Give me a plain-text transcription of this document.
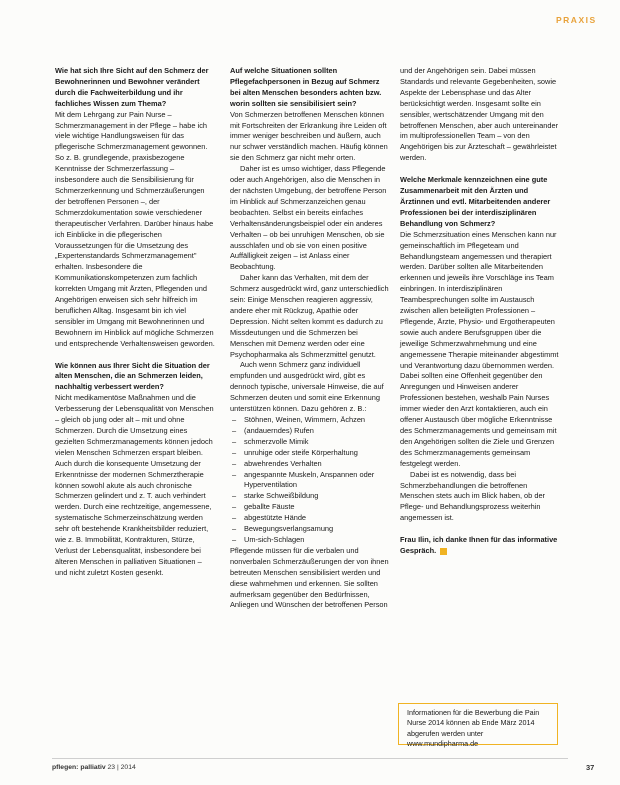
PRAXIS

Wie hat sich Ihre Sicht auf den Schmerz der Bewohnerinnen und Bewohner verändert durch die Fachweiterbildung und ihr fachliches Wissen zum Thema?

Mit dem Lehrgang zur Pain Nurse – Schmerzmanagement in der Pflege – habe ich viele wichtige Handlungsweisen für das pflegerische Schmerzmanagement gewonnen. So z. B. grundlegende, praxisbezogene Kenntnisse der Schmerzerfassung – insbesondere auch die Sensibilisierung für Schmerzerkennung und Schmerzäußerungen der betroffenen Personen –, der Schmerzdokumentation sowie verschiedener therapeutischer Verfahren. Darüber hinaus habe ich Einblicke in die pflegerischen Voraussetzungen für die Umsetzung des „Expertenstandards Schmerzmanagement" erhalten. Insbesondere die Kommunikationskompetenzen zum fachlich korrekten Umgang mit Ärzten, Pflegenden und Angehörigen erweisen sich sehr hilfreich im beruflichen Alltag. Insgesamt bin ich viel sensibler im Umgang mit Bewohnerinnen und Bewohnern im Hinblick auf mögliche Schmerzen und entsprechende Verhaltensweisen geworden.

Wie können aus Ihrer Sicht die Situation der alten Menschen, die an Schmerzen leiden, nachhaltig verbessert werden?

Nicht medikamentöse Maßnahmen und die Verbesserung der Lebensqualität von Menschen – gleich ob jung oder alt – mit und ohne Schmerzen. Durch die Umsetzung eines gezielten Schmerzmanagements können jedoch vielen Menschen Schmerzen erspart bleiben. Auch durch die konsequente Umsetzung der Erkenntnisse der modernen Schmerztherapie können sowohl akute als auch chronische Schmerzen gelindert und z. T. auch verhindert werden. Durch eine rechtzeitige, angemessene, systematische Schmerzeinschätzung werden sehr oft bestehende Krankheitsbilder reduziert, wie z. B. Immobilität, Kontrakturen, Stürze, Verlust der Lebensqualität, insbesondere bei älteren Menschen in palliativen Situationen – und nicht zuletzt Kosten gesenkt.

Auf welche Situationen sollten Pflegefachpersonen in Bezug auf Schmerz bei alten Menschen besonders achten bzw. worin sollten sie sensibilisiert sein?

Von Schmerzen betroffenen Menschen können mit Fortschreiten der Erkrankung ihre Leiden oft immer weniger beschreiben und äußern, auch nur schwer verständlich machen. Häufig können sie den Schmerz gar nicht mehr orten.

Daher ist es umso wichtiger, dass Pflegende oder auch Angehörigen, also die Menschen in der nächsten Umgebung, der betroffene Person im Hinblick auf Schmerzanzeichen genau beobachten. Selbst ein bereits einfaches Verhaltensänderungsbeispiel oder ein anderes Verhalten – ob bei unruhigen Menschen, ob sie ausschlafen und ob sie von einen positive Auffälligkeit zeigen – ist Anlass einer Beobachtung.

Daher kann das Verhalten, mit dem der Schmerz ausgedrückt wird, ganz unterschiedlich sein: Einige Menschen reagieren aggressiv, andere eher mit Rückzug, Apathie oder Depression. Nicht selten kommt es dadurch zu Missdeutungen und die Schmerzen bei Menschen mit Demenz werden oder eine Psychopharmaka als Schmerzmittel genutzt.

Auch wenn Schmerz ganz individuell empfunden und ausgedrückt wird, gibt es dennoch typische, universale Hinweise, die auf Schmerzen deuten und somit eine Erkennung unterstützen können. Dazu gehören z. B.:

– Stöhnen, Weinen, Wimmern, Ächzen
– (andauerndes) Rufen
– schmerzvolle Mimik
– unruhige oder steife Körperhaltung
– abwehrendes Verhalten
– angespannte Muskeln, Anspannen oder Hyperventilation
– starke Schweißbildung
– geballte Fäuste
– abgestützte Hände
– Bewegungsverlangsamung
– Um-sich-Schlagen

Pflegende müssen für die verbalen und nonverbalen Schmerzäußerungen der von ihnen betreuten Menschen sensibilisiert werden und diese wahrnehmen und erkennen. Sie sollten aufmerksam gegenüber den Bedürfnissen, Anliegen und Wünschen der betroffenen Person

und der Angehörigen sein. Dabei müssen Standards und relevante Gegebenheiten, sowie Aspekte der Lebensphase und das Alter berücksichtigt werden. Insgesamt sollte ein sensibler, wertschätzender Umgang mit den betroffenen Menschen, aber auch untereinander im multiprofessionellen Team – von den Angehörigen bis zur Ärzteschaft – gewährleistet werden.

Welche Merkmale kennzeichnen eine gute Zusammenarbeit mit den Ärzten und Ärztinnen und evtl. Mitarbeitenden anderer Professionen bei der interdisziplinären Behandlung von Schmerz?

Die Schmerzsituation eines Menschen kann nur gemeinschaftlich im Pflegeteam und Behandlungsteam angemessen und therapiert werden. Darüber sollten alle Mitarbeitenden erkennen und jeweils ihre Vorschläge ins Team einbringen. In interdisziplinären Teambesprechungen sollte im Austausch zwischen allen beteiligten Professionen – Pflegende, Ärzte, Physio- und Ergotherapeuten sowie auch andere Berufsgruppen über die jeweilige Schmerzwahrnehmung und eine angemessene Therapie miteinander abgestimmt und Verantwortung dazu übernommen werden. Dabei sollten eine Offenheit gegenüber den Anregungen und Hinweisen anderer Professionen bestehen, weshalb Pain Nurses immer wieder den Arzt kontaktieren, auch ein offener Austausch über mögliche Erkenntnisse des Schmerzmanagements und gemeinsam mit den Angehörigen sollten die Ziele und Grenzen des Schmerzmanagements gemeinsam festgelegt werden.

Dabei ist es notwendig, dass bei Schmerzbehandlungen die betroffenen Menschen stets auch im Blick haben, ob der Pflege- und Behandlungsprozess weiterhin angemessen ist.

Frau Ilin, ich danke Ihnen für das informative Gespräch.

Informationen für die Bewerbung die Pain Nurse 2014 können ab Ende März 2014 abgerufen werden unter www.mundipharma.de
pflegen: palliativ 23 | 2014	37
